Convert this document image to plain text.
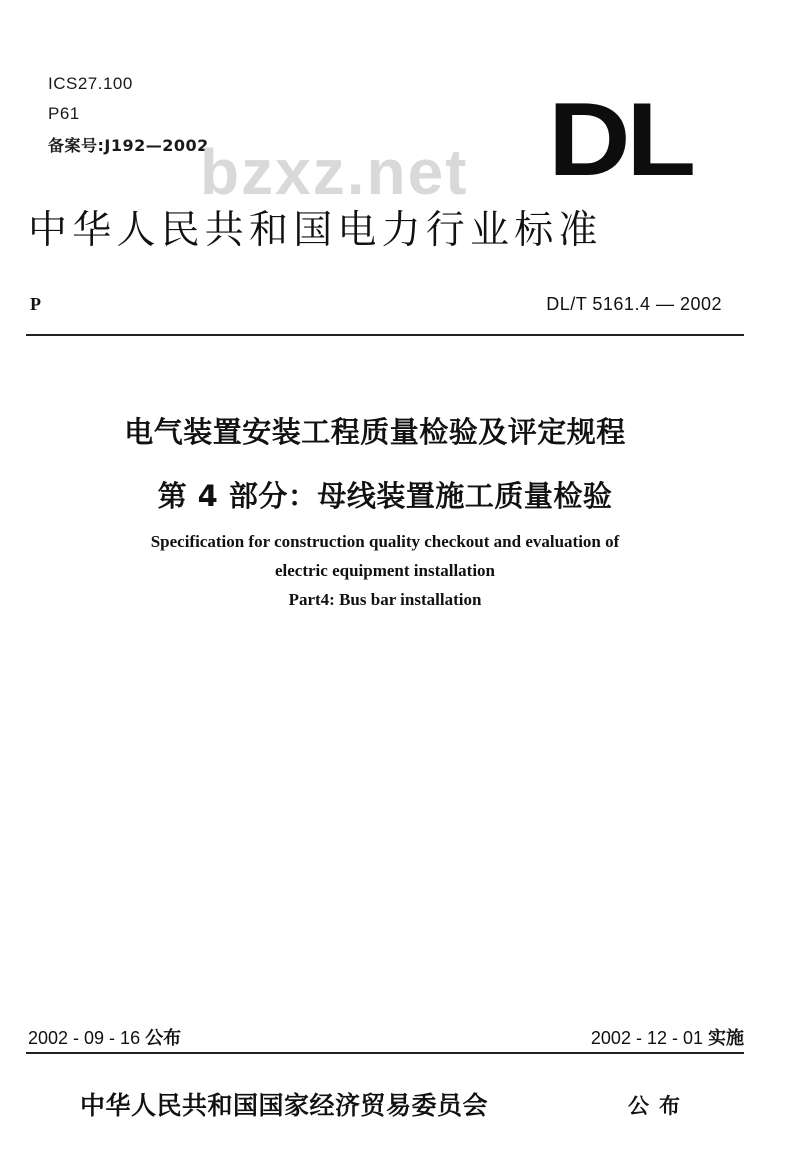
ICS27.100
P61
备案号:J192—2002
bzxz.net DL
中华人民共和国电力行业标准
P	DL/T 5161.4 — 2002
电气装置安装工程质量检验及评定规程
第 4 部分：母线装置施工质量检验
Specification for construction quality checkout and evaluation of
electric equipment installation
Part4: Bus bar installation
2002 - 09 - 16 公布	2002 - 12 - 01 实施
中华人民共和国国家经济贸易委员会	公布
